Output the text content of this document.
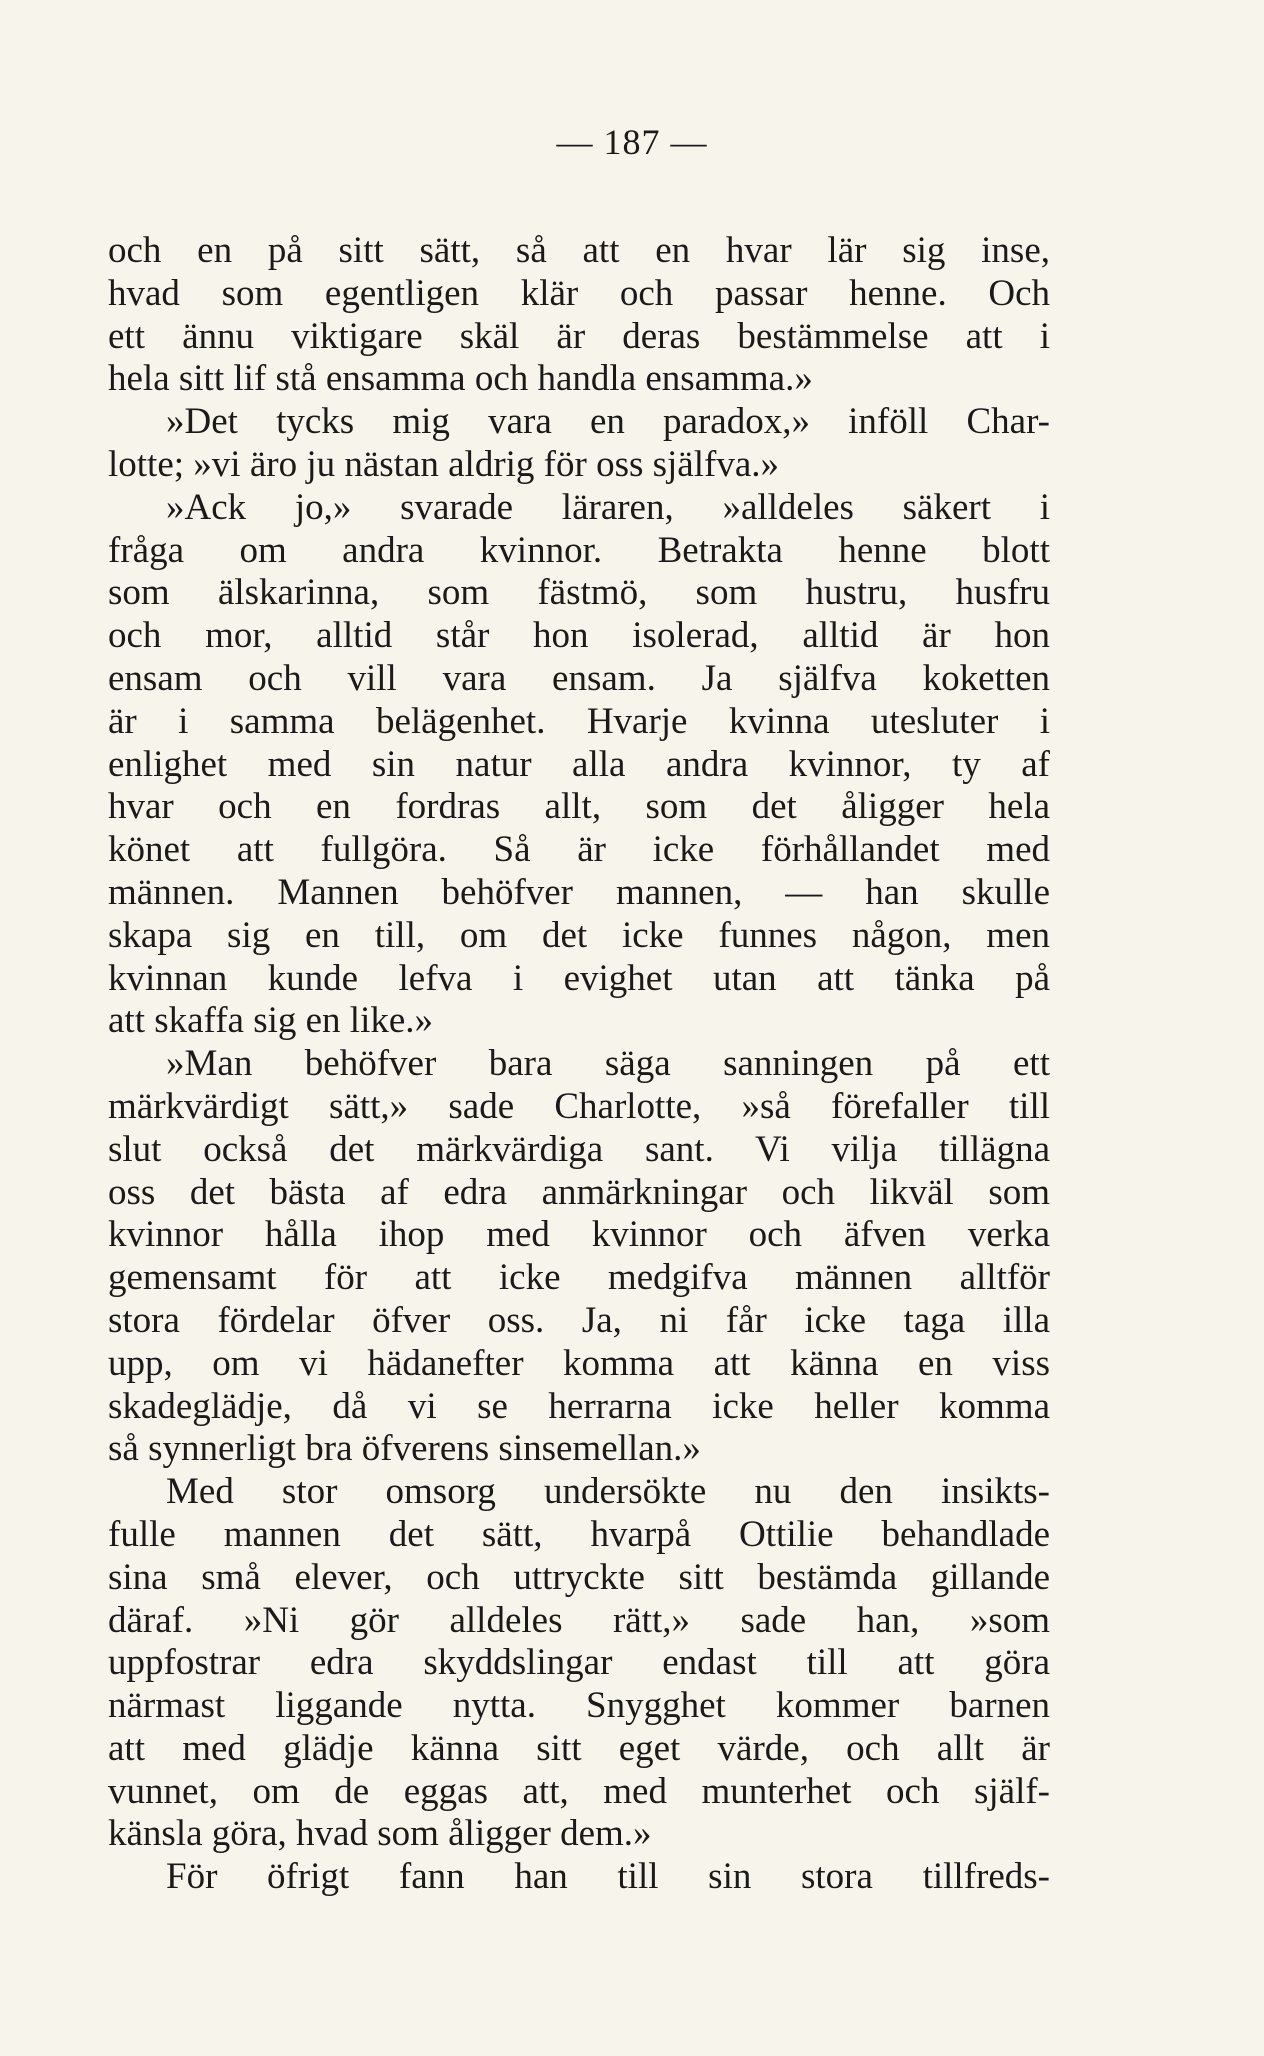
— 187 —
och en på sitt sätt, så att en hvar lär sig inse,
hvad som egentligen klär och passar henne. Och
ett ännu viktigare skäl är deras bestämmelse att i
hela sitt lif stå ensamma och handla ensamma.»
»Det tycks mig vara en paradox,» inföll Char-
lotte; »vi äro ju nästan aldrig för oss själfva.»
»Ack jo,» svarade läraren, »alldeles säkert i
fråga om andra kvinnor. Betrakta henne blott
som älskarinna, som fästmö, som hustru, husfru
och mor, alltid står hon isolerad, alltid är hon
ensam och vill vara ensam. Ja själfva koketten
är i samma belägenhet. Hvarje kvinna utesluter i
enlighet med sin natur alla andra kvinnor, ty af
hvar och en fordras allt, som det åligger hela
könet att fullgöra. Så är icke förhållandet med
männen. Mannen behöfver mannen, — han skulle
skapa sig en till, om det icke funnes någon, men
kvinnan kunde lefva i evighet utan att tänka på
att skaffa sig en like.»
»Man behöfver bara säga sanningen på ett
märkvärdigt sätt,» sade Charlotte, »så förefaller till
slut också det märkvärdiga sant. Vi vilja tillägna
oss det bästa af edra anmärkningar och likväl som
kvinnor hålla ihop med kvinnor och äfven verka
gemensamt för att icke medgifva männen alltför
stora fördelar öfver oss. Ja, ni får icke taga illa
upp, om vi hädanefter komma att känna en viss
skadeglädje, då vi se herrarna icke heller komma
så synnerligt bra öfverens sinsemellan.»
Med stor omsorg undersökte nu den insikts-
fulle mannen det sätt, hvarpå Ottilie behandlade
sina små elever, och uttryckte sitt bestämda gillande
däraf. »Ni gör alldeles rätt,» sade han, »som
uppfostrar edra skyddslingar endast till att göra
närmast liggande nytta. Snygghet kommer barnen
att med glädje känna sitt eget värde, och allt är
vunnet, om de eggas att, med munterhet och själf-
känsla göra, hvad som åligger dem.»
För öfrigt fann han till sin stora tillfreds-
